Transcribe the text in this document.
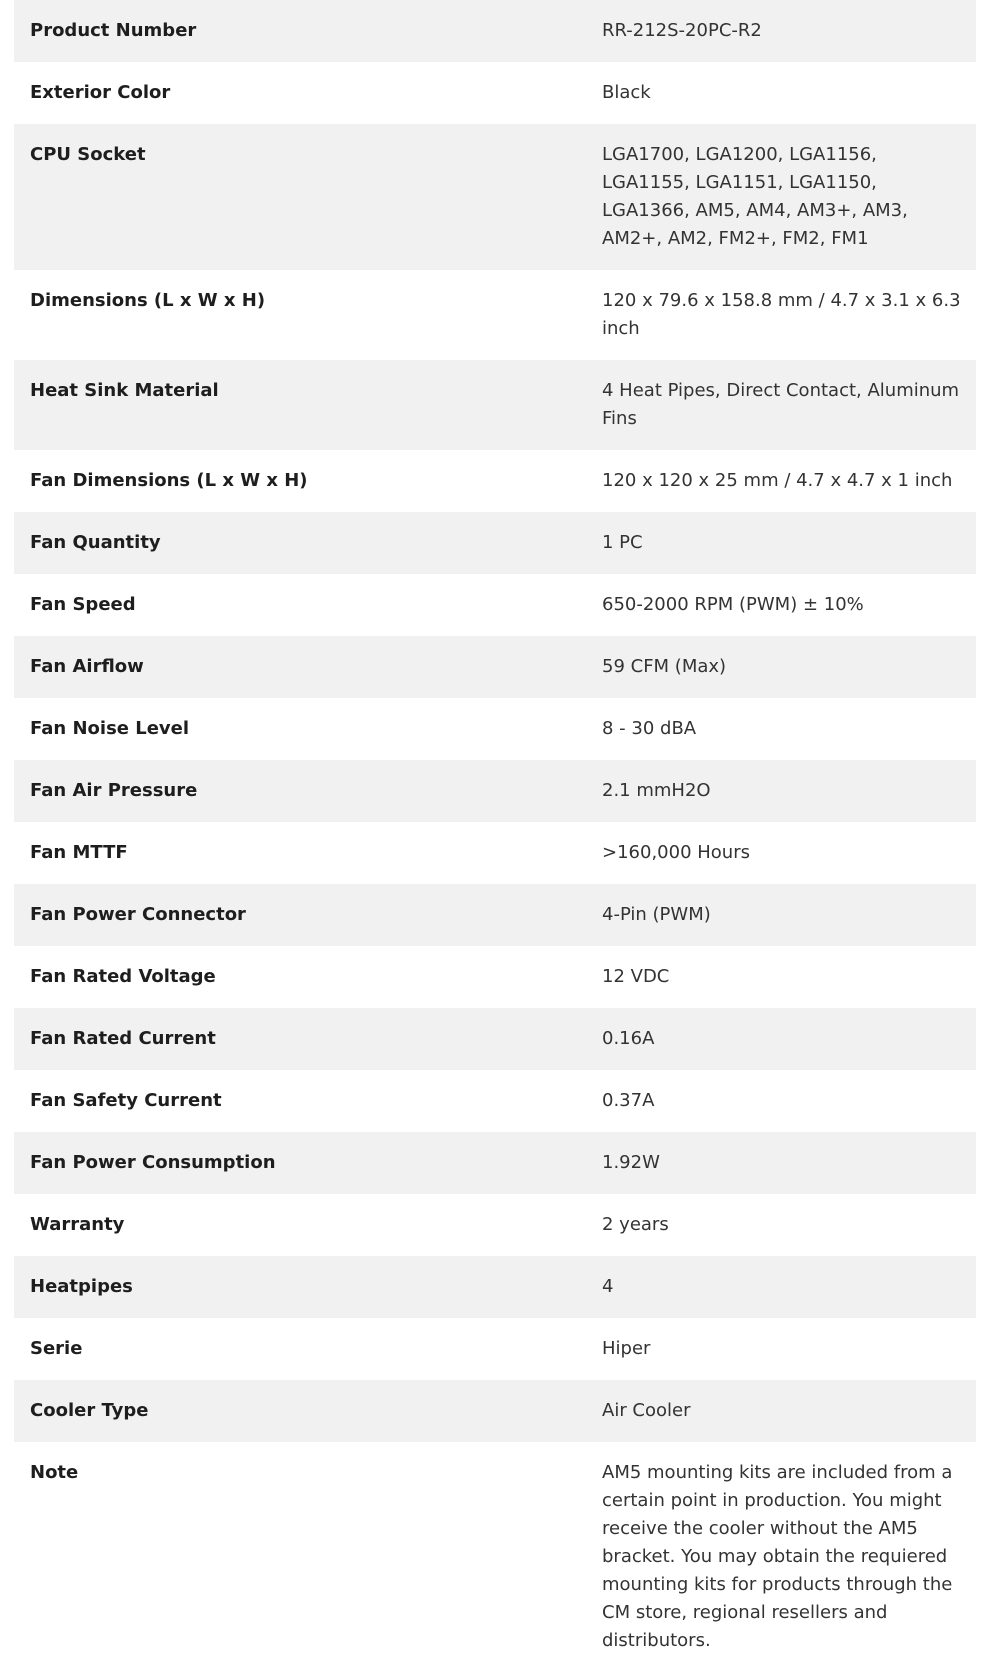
Product Number	RR-212S-20PC-R2
Exterior Color	Black
CPU Socket	LGA1700, LGA1200, LGA1156, LGA1155, LGA1151, LGA1150, LGA1366, AM5, AM4, AM3+, AM3, AM2+, AM2, FM2+, FM2, FM1
Dimensions (L x W x H)	120 x 79.6 x 158.8 mm / 4.7 x 3.1 x 6.3 inch
Heat Sink Material	4 Heat Pipes, Direct Contact, Aluminum Fins
Fan Dimensions (L x W x H)	120 x 120 x 25 mm / 4.7 x 4.7 x 1 inch
Fan Quantity	1 PC
Fan Speed	650-2000 RPM (PWM) ± 10%
Fan Airflow	59 CFM (Max)
Fan Noise Level	8 - 30 dBA
Fan Air Pressure	2.1 mmH2O
Fan MTTF	>160,000 Hours
Fan Power Connector	4-Pin (PWM)
Fan Rated Voltage	12 VDC
Fan Rated Current	0.16A
Fan Safety Current	0.37A
Fan Power Consumption	1.92W
Warranty	2 years
Heatpipes	4
Serie	Hiper
Cooler Type	Air Cooler
Note	AM5 mounting kits are included from a certain point in production. You might receive the cooler without the AM5 bracket. You may obtain the requiered mounting kits for products through the CM store, regional resellers and distributors.
